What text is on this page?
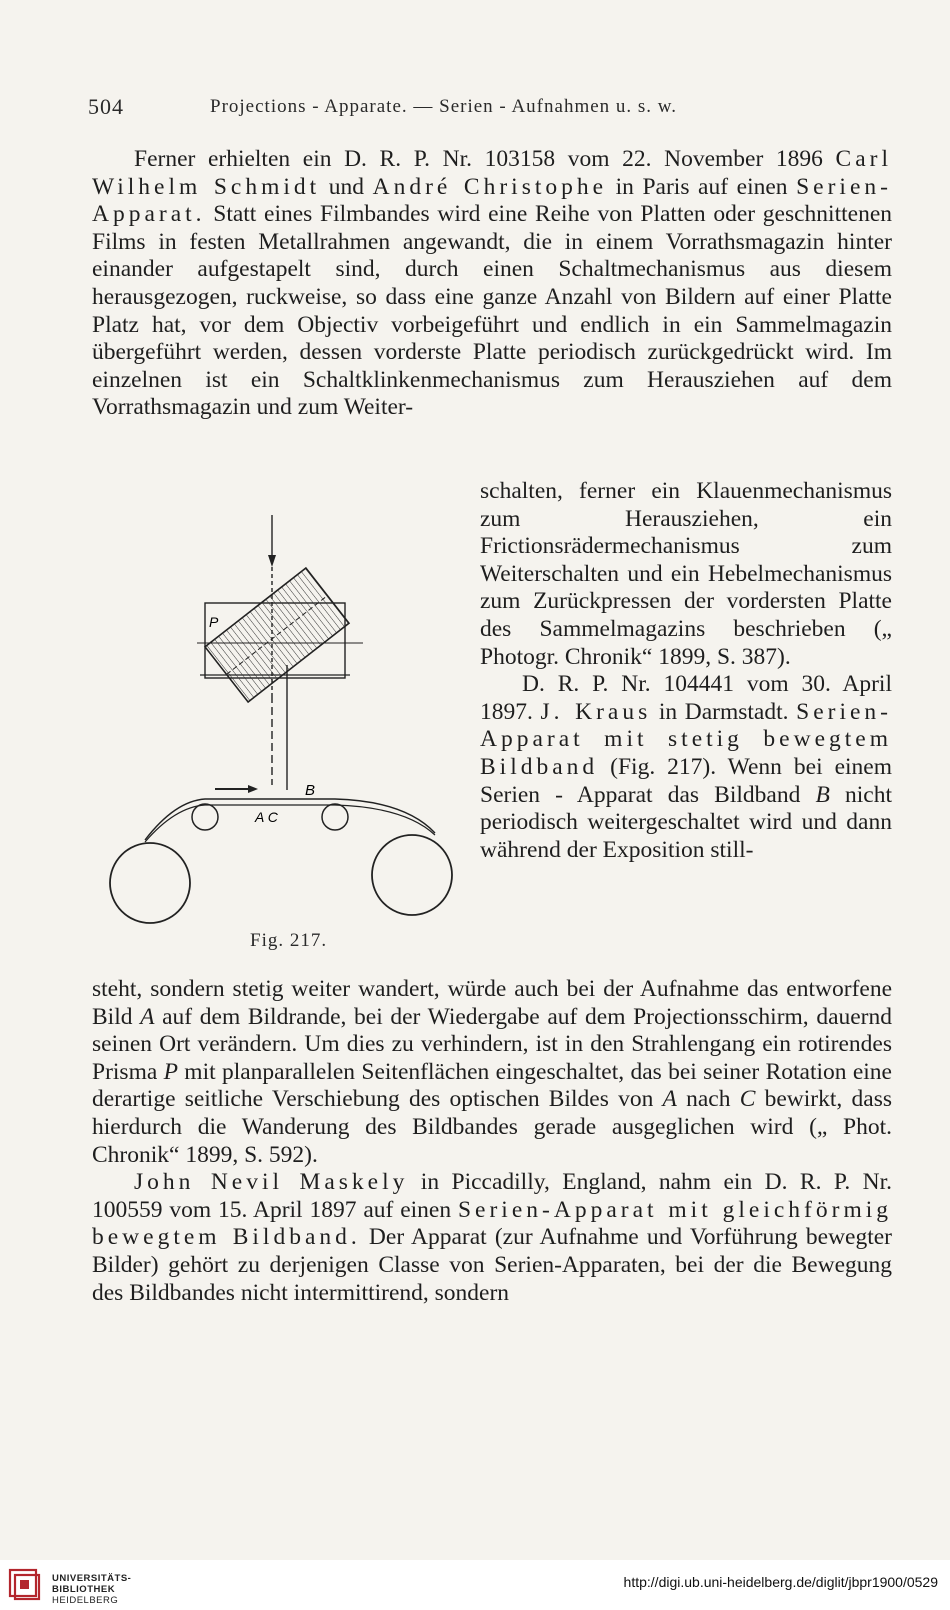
504	Projections - Apparate. — Serien - Aufnahmen u. s. w.

Ferner erhielten ein D. R. P. Nr. 103158 vom 22. November 1896 Carl Wilhelm Schmidt und André Christophe in Paris auf einen Serien-Apparat. Statt eines Filmbandes wird eine Reihe von Platten oder geschnittenen Films in festen Metallrahmen angewandt, die in einem Vorrathsmagazin hinter einander aufgestapelt sind, durch einen Schaltmechanismus aus diesem herausgezogen, ruckweise, so dass eine ganze Anzahl von Bildern auf einer Platte Platz hat, vor dem Objectiv vorbeigeführt und endlich in ein Sammelmagazin übergeführt werden, dessen vorderste Platte periodisch zurückgedrückt wird. Im einzelnen ist ein Schaltklinkenmechanismus zum Herausziehen auf dem Vorrathsmagazin und zum Weiter-

schalten, ferner ein Klauenmechanismus zum Herausziehen, ein Frictionsrädermechanismus zum Weiterschalten und ein Hebelmechanismus zum Zurückpressen der vordersten Platte des Sammelmagazins beschrieben („ Photogr. Chronik“ 1899, S. 387).

D. R. P. Nr. 104441 vom 30. April 1897. J. Kraus in Darmstadt. Serien-Apparat mit stetig bewegtem Bildband (Fig. 217). Wenn bei einem Serien - Apparat das Bildband B nicht periodisch weitergeschaltet wird und dann während der Exposition still-

P
B
A C
Fig. 217.

steht, sondern stetig weiter wandert, würde auch bei der Aufnahme das entworfene Bild A auf dem Bildrande, bei der Wiedergabe auf dem Projectionsschirm, dauernd seinen Ort verändern. Um dies zu verhindern, ist in den Strahlengang ein rotirendes Prisma P mit planparallelen Seitenflächen eingeschaltet, das bei seiner Rotation eine derartige seitliche Verschiebung des optischen Bildes von A nach C bewirkt, dass hierdurch die Wanderung des Bildbandes gerade ausgeglichen wird („ Phot. Chronik“ 1899, S. 592).

John Nevil Maskely in Piccadilly, England, nahm ein D. R. P. Nr. 100559 vom 15. April 1897 auf einen Serien-Apparat mit gleichförmig bewegtem Bildband. Der Apparat (zur Aufnahme und Vorführung bewegter Bilder) gehört zu derjenigen Classe von Serien-Apparaten, bei der die Bewegung des Bildbandes nicht intermittirend, sondern

UNIVERSITÄTS-
BIBLIOTHEK
HEIDELBERG
http://digi.ub.uni-heidelberg.de/diglit/jbpr1900/0529
